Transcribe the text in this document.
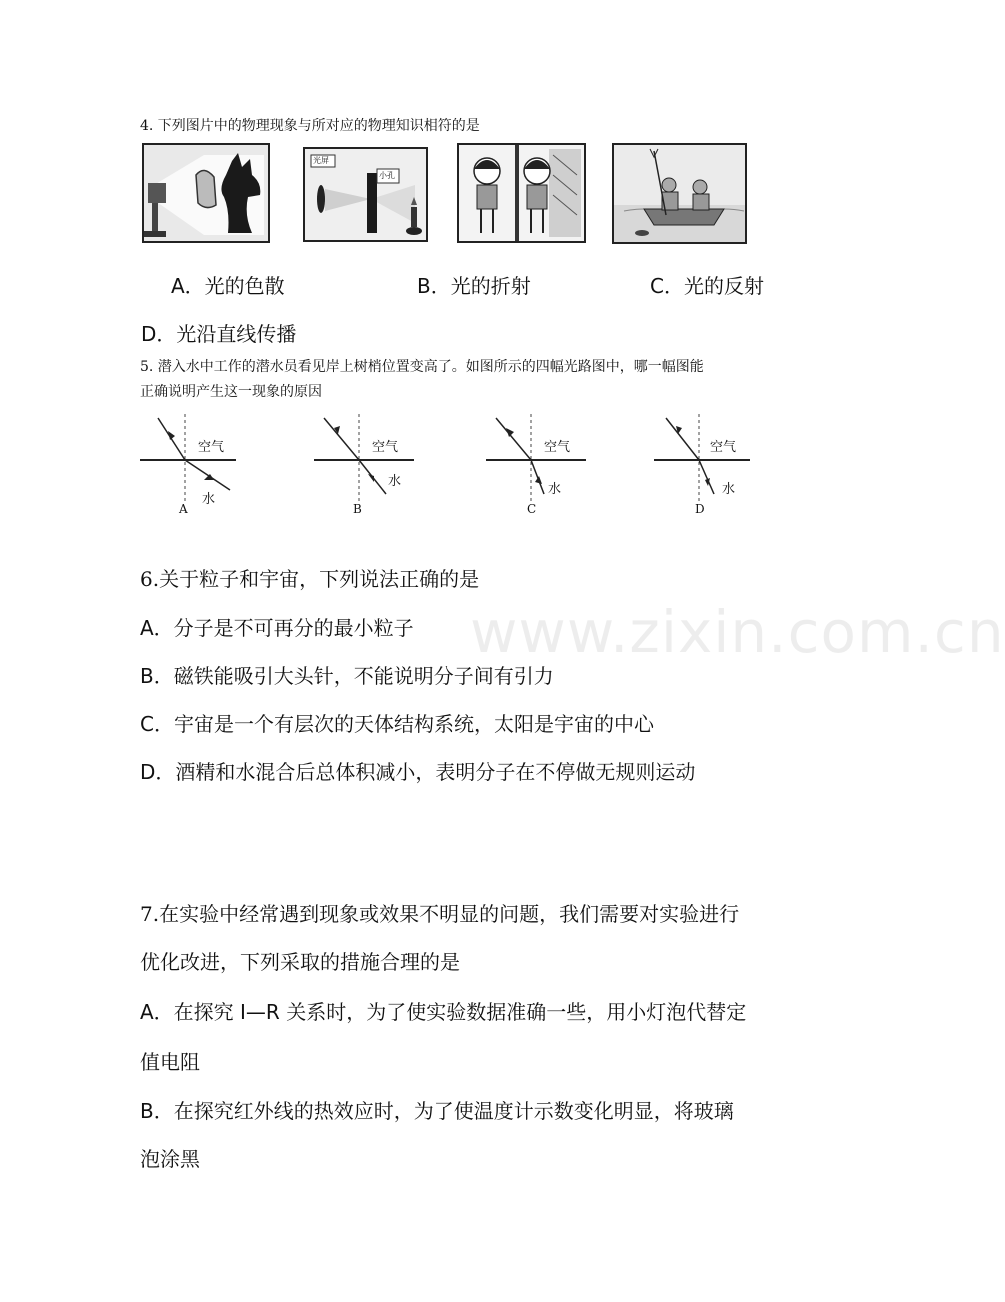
www.zixin.com.cn
4. 下列图片中的物理现象与所对应的物理知识相符的是
光屏
小孔
A．光的色散	B．光的折射	C．光的反射
D．光沿直线传播
5. 潜入水中工作的潜水员看见岸上树梢位置变高了。如图所示的四幅光路图中，哪一幅图能
正确说明产生这一现象的原因
空气
水
A
空气
水
B
空气
水
C
空气
水
D
6.关于粒子和宇宙，下列说法正确的是
A．分子是不可再分的最小粒子
B．磁铁能吸引大头针，不能说明分子间有引力
C．宇宙是一个有层次的天体结构系统，太阳是宇宙的中心
D．酒精和水混合后总体积减小，表明分子在不停做无规则运动
7.在实验中经常遇到现象或效果不明显的问题，我们需要对实验进行
优化改进，下列采取的措施合理的是
A．在探究 I—R 关系时，为了使实验数据准确一些，用小灯泡代替定
值电阻
B．在探究红外线的热效应时，为了使温度计示数变化明显，将玻璃
泡涂黑
